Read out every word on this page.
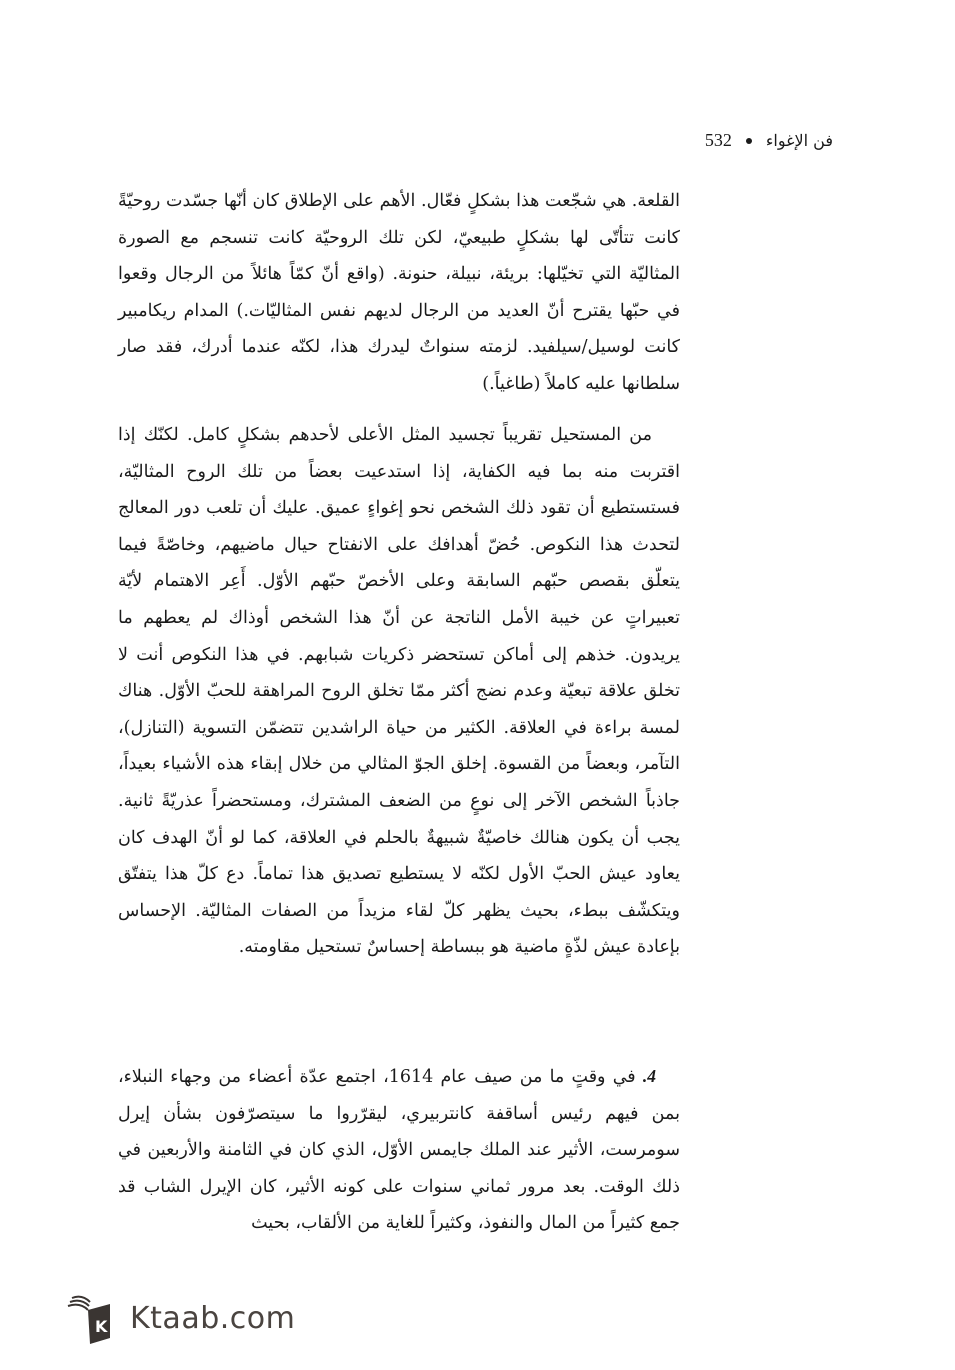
532 فن الإغواء

القلعة. هي شجّعت هذا بشكلٍ فعّال. الأهم على الإطلاق كان أنّها جسّدت روحيّةً كانت تتأتّى لها بشكلٍ طبيعيّ، لكن تلك الروحيّة كانت تنسجم مع الصورة المثاليّة التي تخيّلها: بريئة، نبيلة، حنونة. (واقع أنّ كمّاً هائلاً من الرجال وقعوا في حبّها يقترح أنّ العديد من الرجال لديهم نفس المثاليّات.) المدام ريكامبير كانت لوسيل/سيلفيد. لزمته سنواتٌ ليدرك هذا، لكنّه عندما أدرك، فقد صار سلطانها عليه كاملاً (طاغياً.)

من المستحيل تقريباً تجسيد المثل الأعلى لأحدهم بشكلٍ كامل. لكنّك إذا اقتربت منه بما فيه الكفاية، إذا استدعيت بعضاً من تلك الروح المثاليّة، فستستطيع أن تقود ذلك الشخص نحو إغواءٍ عميق. عليك أن تلعب دور المعالج لتحدث هذا النكوص. حُضّ أهدافك على الانفتاح حيال ماضيهم، وخاصّةً فيما يتعلّق بقصص حبّهم السابقة وعلى الأخصّ حبّهم الأوّل. أَعِر الاهتمام لأيّة تعبيراتٍ عن خيبة الأمل الناتجة عن أنّ هذا الشخص أوذاك لم يعطهم ما يريدون. خذهم إلى أماكن تستحضر ذكريات شبابهم. في هذا النكوص أنت لا تخلق علاقة تبعيّة وعدم نضج أكثر ممّا تخلق الروح المراهقة للحبّ الأوّل. هناك لمسة براءة في العلاقة. الكثير من حياة الراشدين تتضمّن التسوية (التنازل)، التآمر، وبعضاً من القسوة. إخلق الجوّ المثالي من خلال إبقاء هذه الأشياء بعيداً، جاذباً الشخص الآخر إلى نوعٍ من الضعف المشترك، ومستحضراً عذريّةً ثانية. يجب أن يكون هنالك خاصيّةٌ شبيهةٌ بالحلم في العلاقة، كما لو أنّ الهدف كان يعاود عيش الحبّ الأول لكنّه لا يستطيع تصديق هذا تماماً. دع كلّ هذا يتفتّق ويتكشّف ببطء، بحيث يظهر كلّ لقاء مزيداً من الصفات المثاليّة. الإحساس بإعادة عيش لذّةٍ ماضية هو ببساطة إحساسٌ تستحيل مقاومته.

4. في وقتٍ ما من صيف عام 1614، اجتمع عدّة أعضاء من وجهاء النبلاء، بمن فيهم رئيس أساقفة كانتربيري، ليقرّروا ما سيتصرّفون بشأن إيرل سومرست، الأثير عند الملك جايمس الأوّل، الذي كان في الثامنة والأربعين في ذلك الوقت. بعد مرور ثماني سنوات على كونه الأثير، كان الإيرل الشاب قد جمع كثيراً من المال والنفوذ، وكثيراً للغاية من الألقاب، بحيث

K Ktaab.com
